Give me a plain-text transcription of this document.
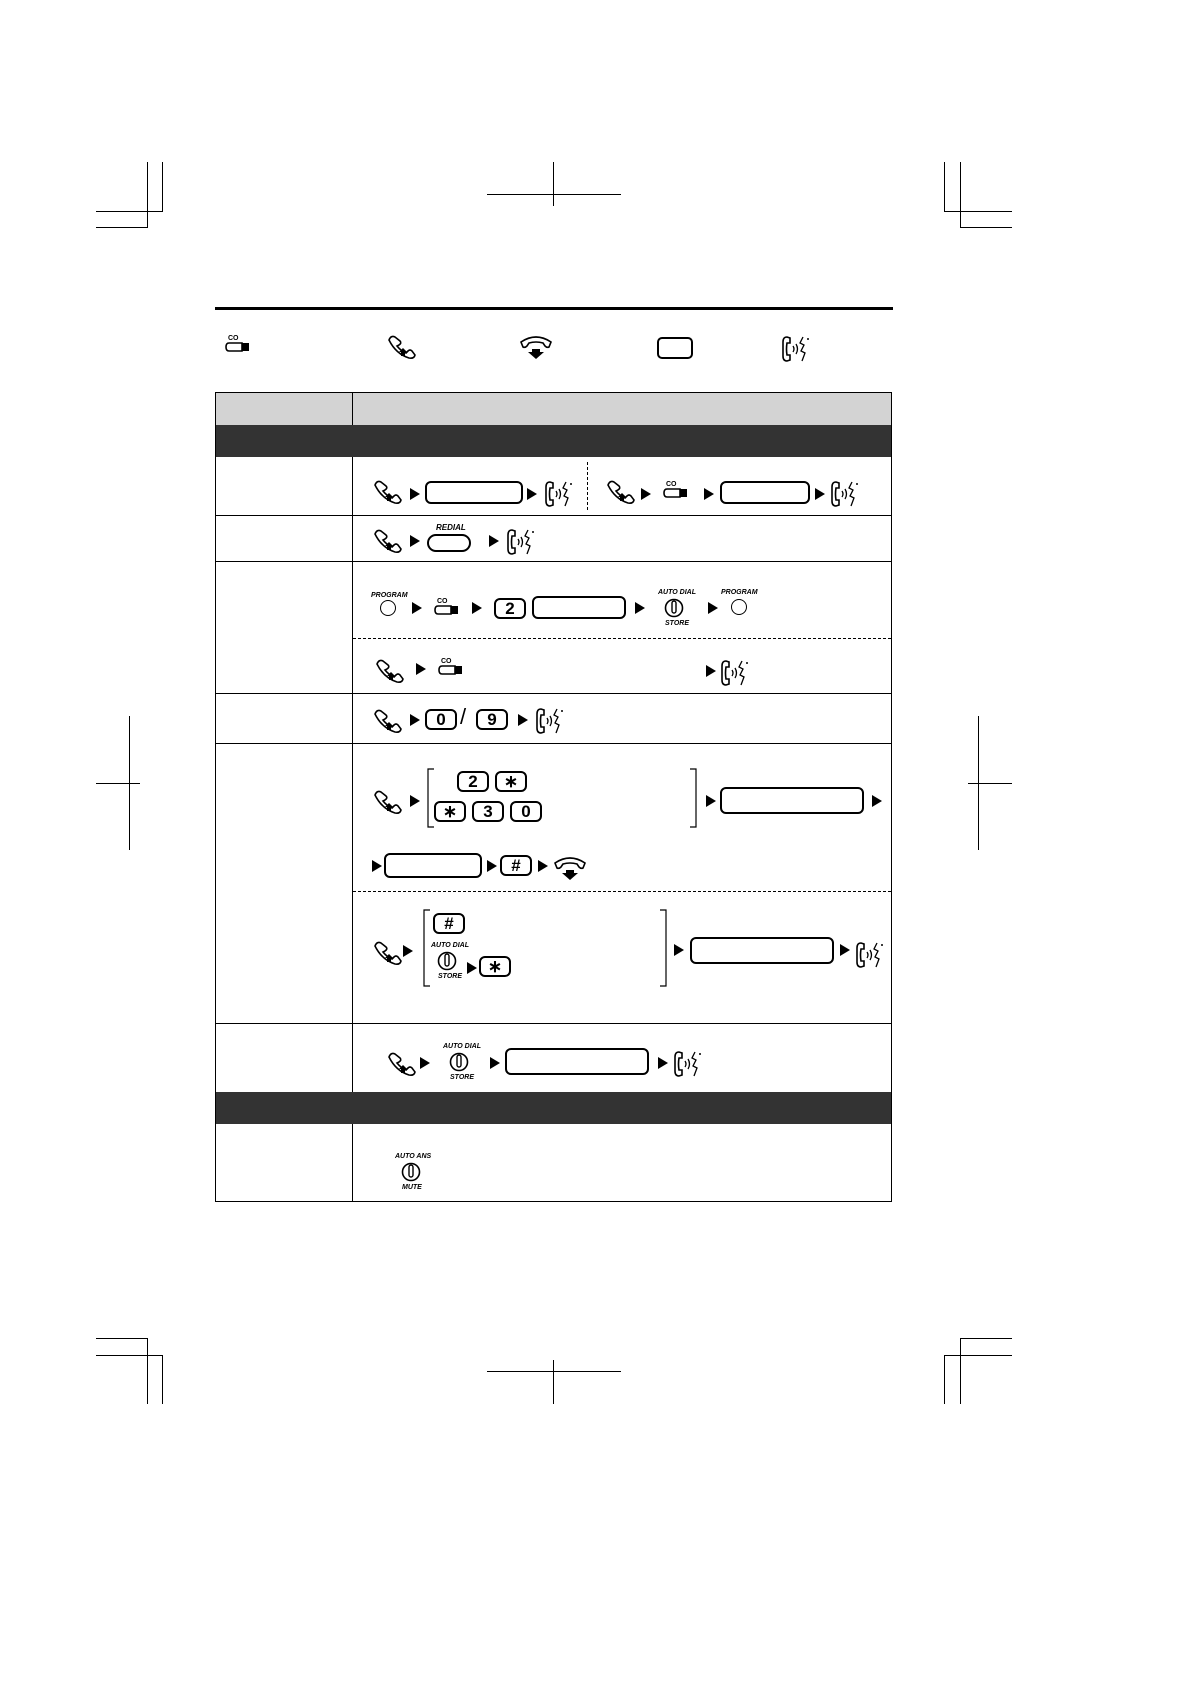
CO
CO
REDIAL
PROGRAM
CO	2
AUTO DIAL
STORE
PROGRAM
CO
0 /	9
2	∗
∗	3	0
#
#
AUTO DIAL
STORE
∗
AUTO DIAL
STORE
AUTO ANS
MUTE
